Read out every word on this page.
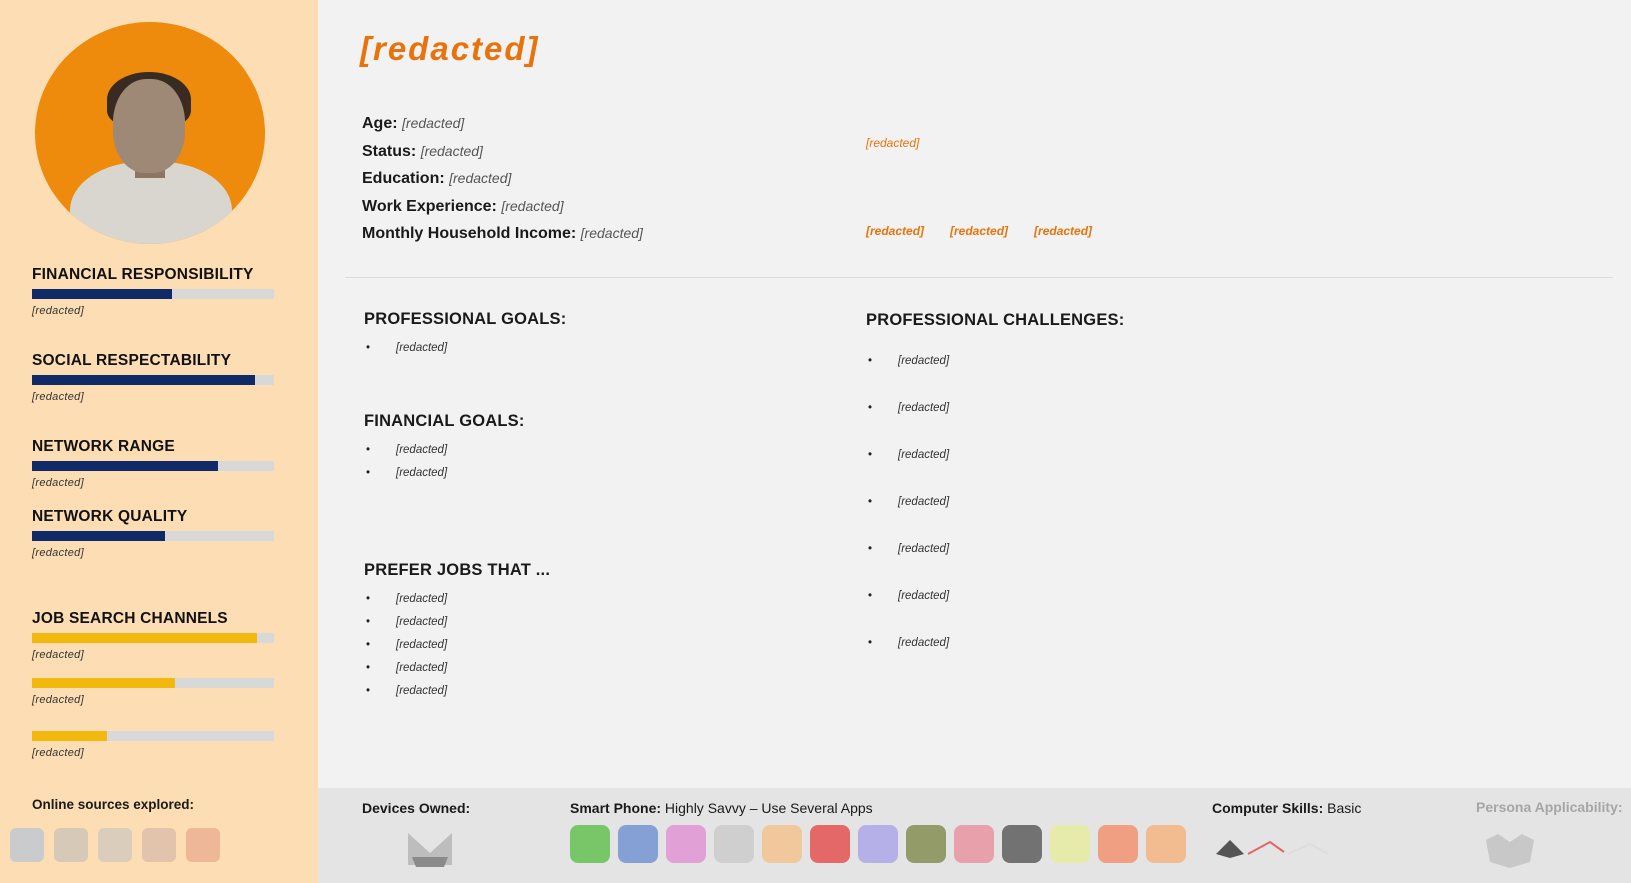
FINANCIAL RESPONSIBILITY
[redacted]
SOCIAL RESPECTABILITY
[redacted]
NETWORK RANGE
[redacted]
NETWORK QUALITY
[redacted]
JOB SEARCH CHANNELS
[redacted]
[redacted]
[redacted]
Online sources explored:
[redacted]
Age: [redacted]
Status: [redacted]
Education: [redacted]
Work Experience: [redacted]
Monthly Household Income: [redacted]
[redacted]
[redacted] [redacted] [redacted]
PROFESSIONAL GOALS:
• [redacted]
FINANCIAL GOALS:
• [redacted]
• [redacted]
PREFER JOBS THAT ...
• [redacted]
• [redacted]
• [redacted]
• [redacted]
• [redacted]
PROFESSIONAL CHALLENGES:
• [redacted]
• [redacted]
• [redacted]
• [redacted]
• [redacted]
• [redacted]
• [redacted]
Devices Owned:	Smart Phone: Highly Savvy – Use Several Apps	Computer Skills: Basic	Persona Applicability:
